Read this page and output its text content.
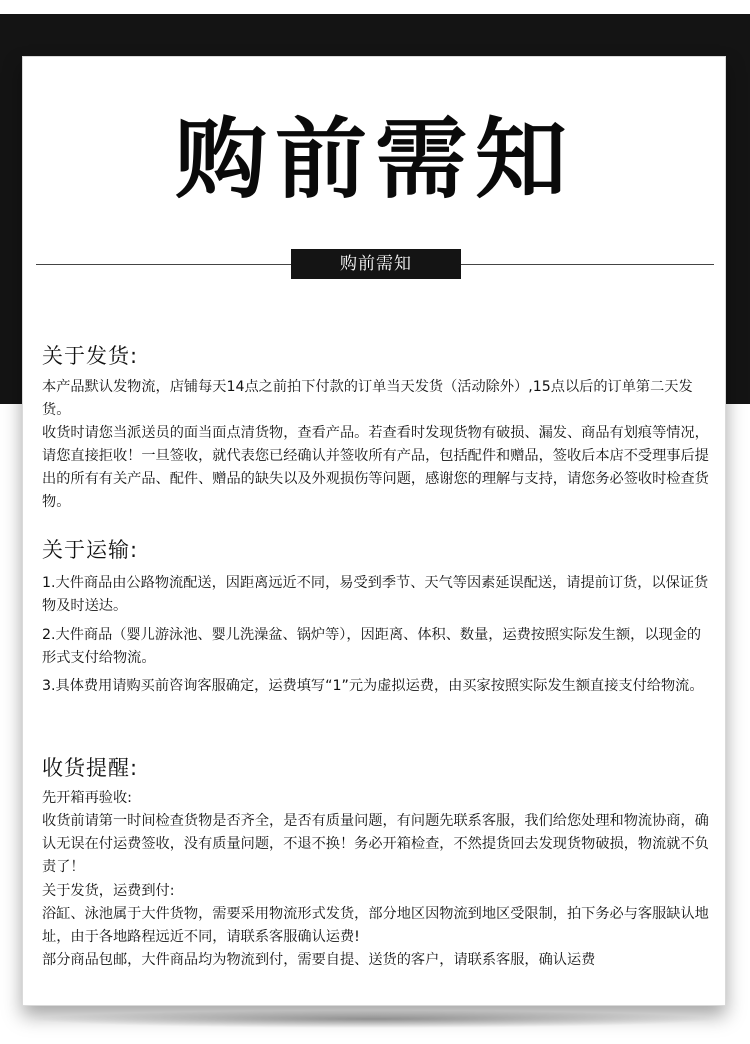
购前需知
购前需知
关于发货:
本产品默认发物流，店铺每天14点之前拍下付款的订单当天发货（活动除外）,15点以后的订单第二天发货。
收货时请您当派送员的面当面点清货物，查看产品。若查看时发现货物有破损、漏发、商品有划痕等情况，请您直接拒收！一旦签收，就代表您已经确认并签收所有产品，包括配件和赠品，签收后本店不受理事后提出的所有有关产品、配件、赠品的缺失以及外观损伤等问题，感谢您的理解与支持，请您务必签收时检查货物。
关于运输:
1.大件商品由公路物流配送，因距离远近不同，易受到季节、天气等因素延误配送，请提前订货，以保证货物及时送达。
2.大件商品（婴儿游泳池、婴儿洗澡盆、锅炉等），因距离、体积、数量，运费按照实际发生额，以现金的形式支付给物流。
3.具体费用请购买前咨询客服确定，运费填写“1”元为虚拟运费，由买家按照实际发生额直接支付给物流。
收货提醒:
先开箱再验收:
收货前请第一时间检查货物是否齐全，是否有质量问题，有问题先联系客服，我们给您处理和物流协商，确认无误在付运费签收，没有质量问题，不退不换！务必开箱检查，不然提货回去发现货物破损，物流就不负责了！
关于发货，运费到付:
浴缸、泳池属于大件货物，需要采用物流形式发货，部分地区因物流到地区受限制，拍下务必与客服缺认地址，由于各地路程远近不同，请联系客服确认运费!
部分商品包邮，大件商品均为物流到付，需要自提、送货的客户，请联系客服，确认运费
